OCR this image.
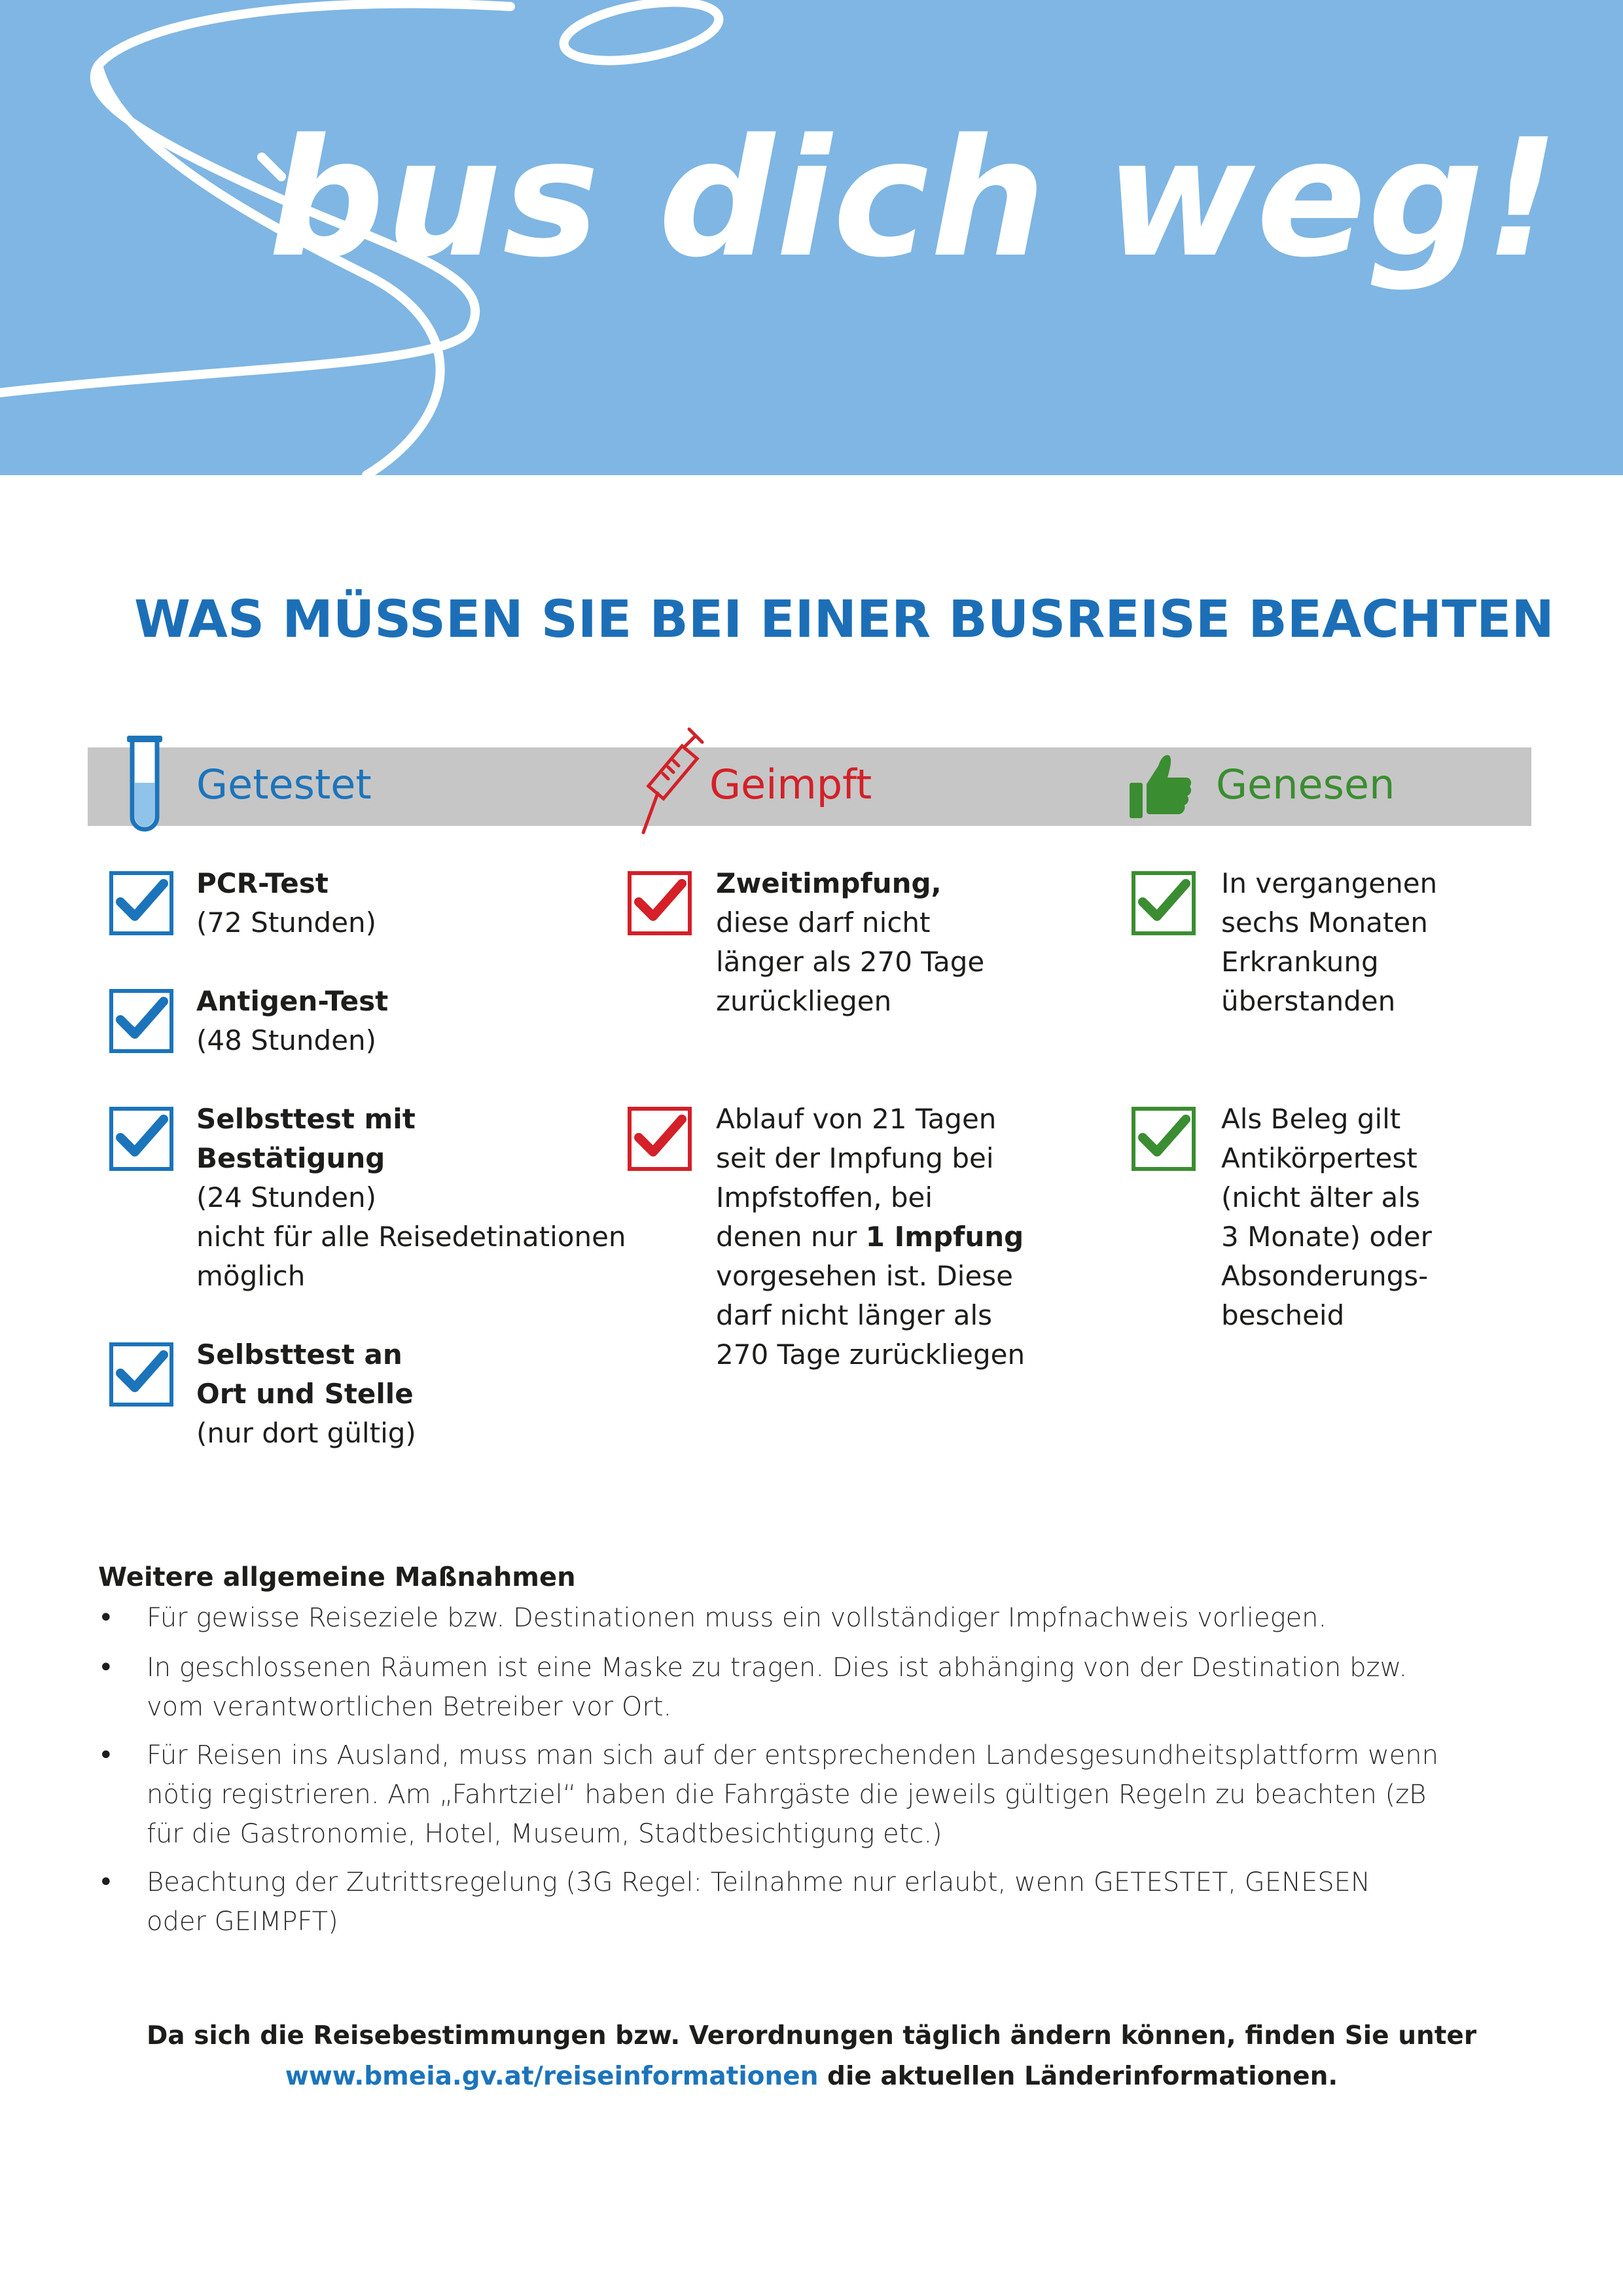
bus dich weg!
WAS MÜSSEN SIE BEI EINER BUSREISE BEACHTEN
Getestet	Geimpft	Genesen
PCR-Test
(72 Stunden)
Antigen-Test
(48 Stunden)
Selbsttest mit
Bestätigung
(24 Stunden)
nicht für alle Reisedetinationen
möglich
Selbsttest an
Ort und Stelle
(nur dort gültig)
Zweitimpfung,
diese darf nicht
länger als 270 Tage
zurückliegen
Ablauf von 21 Tagen
seit der Impfung bei
Impfstoffen, bei
denen nur 1 Impfung
vorgesehen ist. Diese
darf nicht länger als
270 Tage zurückliegen
In vergangenen
sechs Monaten
Erkrankung
überstanden
Als Beleg gilt
Antikörpertest
(nicht älter als
3 Monate) oder
Absonderungs-
bescheid
Weitere allgemeine Maßnahmen
• Für gewisse Reiseziele bzw. Destinationen muss ein vollständiger Impfnachweis vorliegen.
• In geschlossenen Räumen ist eine Maske zu tragen. Dies ist abhänging von der Destination bzw.
vom verantwortlichen Betreiber vor Ort.
• Für Reisen ins Ausland, muss man sich auf der entsprechenden Landesgesundheitsplattform wenn
nötig registrieren. Am „Fahrtziel“ haben die Fahrgäste die jeweils gültigen Regeln zu beachten (zB
für die Gastronomie, Hotel, Museum, Stadtbesichtigung etc.)
• Beachtung der Zutrittsregelung (3G Regel: Teilnahme nur erlaubt, wenn GETESTET, GENESEN
oder GEIMPFT)
Da sich die Reisebestimmungen bzw. Verordnungen täglich ändern können, finden Sie unter
www.bmeia.gv.at/reiseinformationen die aktuellen Länderinformationen.
